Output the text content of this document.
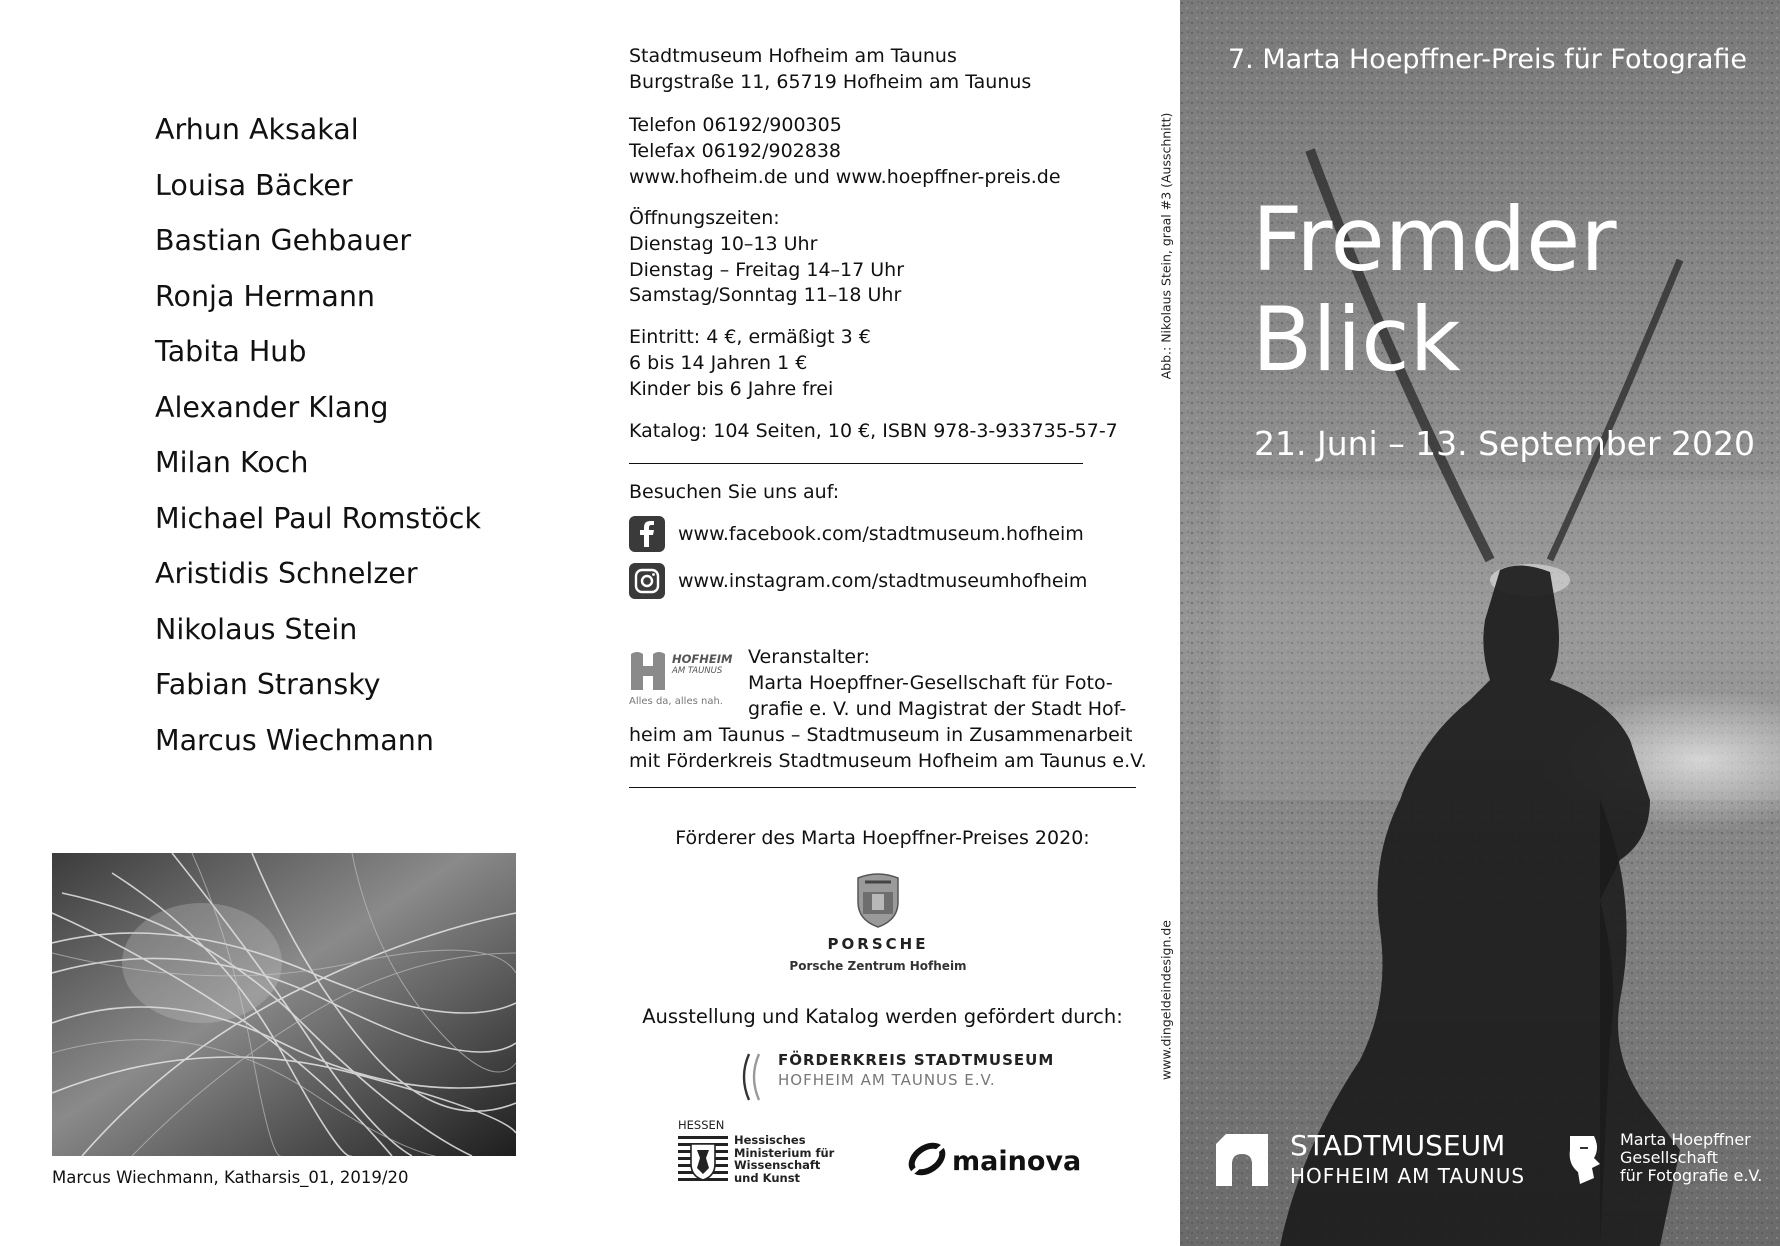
Arhun Aksakal
Louisa Bäcker
Bastian Gehbauer
Ronja Hermann
Tabita Hub
Alexander Klang
Milan Koch
Michael Paul Romstöck
Aristidis Schnelzer
Nikolaus Stein
Fabian Stransky
Marcus Wiechmann
Marcus Wiechmann, Katharsis_01, 2019/20
Stadtmuseum Hofheim am Taunus
Burgstraße 11, 65719 Hofheim am Taunus
Telefon 06192/900305
Telefax 06192/902838
www.hofheim.de und www.hoepffner-preis.de
Öffnungszeiten:
Dienstag 10–13 Uhr
Dienstag – Freitag 14–17 Uhr
Samstag/Sonntag 11–18 Uhr
Eintritt: 4 €, ermäßigt 3 €
6 bis 14 Jahren 1 €
Kinder bis 6 Jahre frei
Katalog: 104 Seiten, 10 €, ISBN 978-3-933735-57-7
Besuchen Sie uns auf:
www.facebook.com/stadtmuseum.hofheim
www.instagram.com/stadtmuseumhofheim
HOFHEIM
AM TAUNUS
Alles da, alles nah.
Veranstalter:
Marta Hoepffner-Gesellschaft für Foto-
grafie e. V. und Magistrat der Stadt Hof-
heim am Taunus – Stadtmuseum in Zusammenarbeit
mit Förderkreis Stadtmuseum Hofheim am Taunus e.V.
Förderer des Marta Hoepffner-Preises 2020:
PORSCHE
Porsche Zentrum Hofheim
Ausstellung und Katalog werden gefördert durch:
FÖRDERKREIS STADTMUSEUM
HOFHEIM AM TAUNUS E.V.
HESSEN
Hessisches
Ministerium für
Wissenschaft
und Kunst
mainova
Abb.: Nikolaus Stein, graal #3 (Ausschnitt)
www.dingeldeindesign.de
7. Marta Hoepffner-Preis für Fotografie
Fremder
Blick
21. Juni – 13. September 2020
STADTMUSEUM
HOFHEIM AM TAUNUS
Marta Hoepffner
Gesellschaft
für Fotografie e.V.
